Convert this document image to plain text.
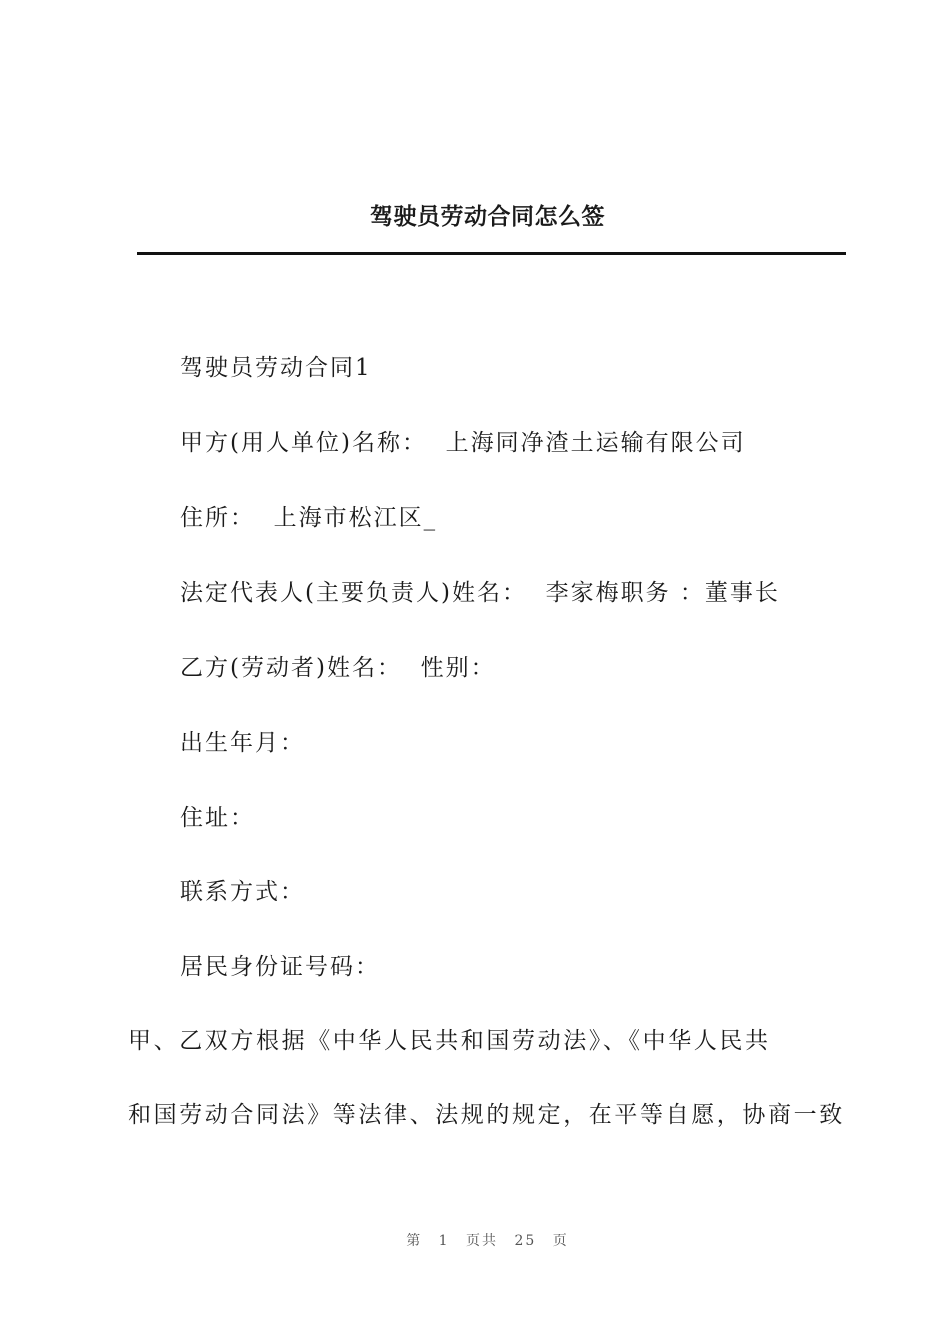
驾驶员劳动合同怎么签
驾驶员劳动合同1
甲方(用人单位)名称：  上海同净渣土运输有限公司
住所：  上海市松江区_
法定代表人(主要负责人)姓名：  李家梅职务 ：董事长
乙方(劳动者)姓名：  性别：
出生年月：
住址：
联系方式：
居民身份证号码：
甲、乙双方根据《中华人民共和国劳动法》、《中华人民共
和国劳动合同法》等法律、法规的规定，在平等自愿，协商一致
第 1 页共 25 页
